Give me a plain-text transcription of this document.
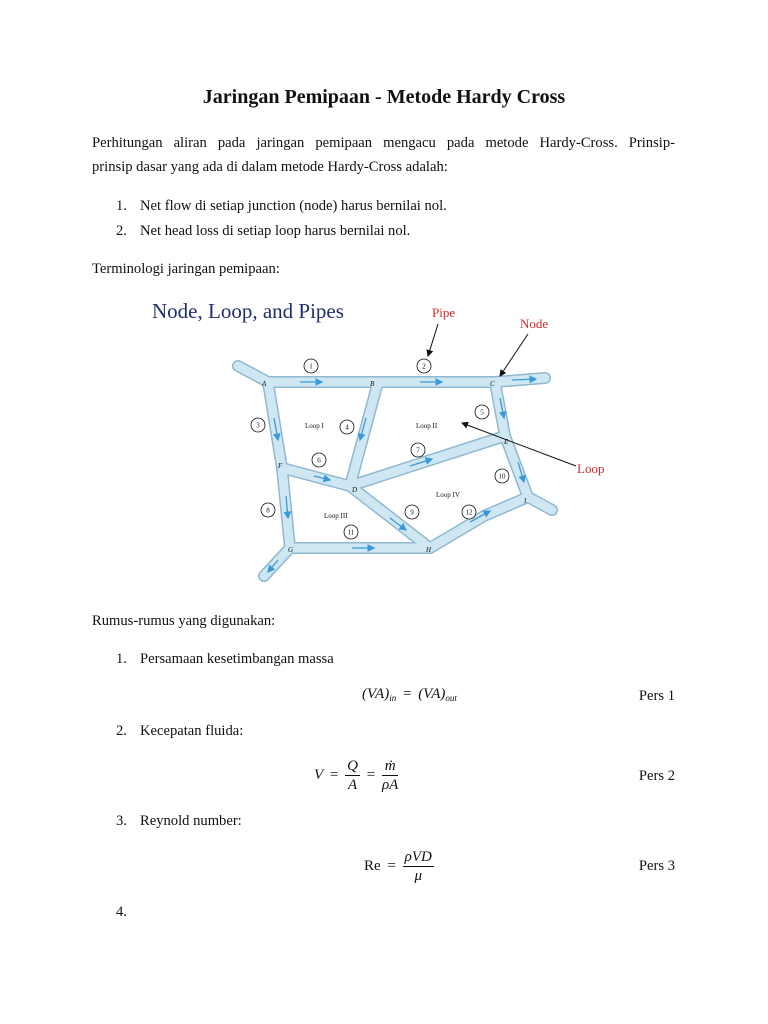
Jaringan Pemipaan - Metode Hardy Cross
Perhitungan aliran pada jaringan pemipaan mengacu pada metode Hardy-Cross. Prinsip-
prinsip dasar yang ada di dalam metode Hardy-Cross adalah:
1. Net flow di setiap junction (node) harus bernilai nol.
2. Net head loss di setiap loop harus bernilai nol.
Terminologi jaringan pemipaan:
Node, Loop, and Pipes	Pipe
Node
Loop
A	B	C
D
E
F
G	H
I
Loop I	Loop II
Loop III
Loop IV
1	2
3	4
5
6
7
8	9
10
11
12
Rumus-rumus yang digunakan:
1. Persamaan kesetimbangan massa
$(VA)_{in} = (VA)_{out}$	Pers 1
2. Kecepatan fluida:
$V = \frac{Q}{A} = \frac{\text{ṁ}}{\rho A}$	Pers 2
3. Reynold number:
$Re = \frac{\text{ρVD}}{\mu}$	Pers 3
4.
